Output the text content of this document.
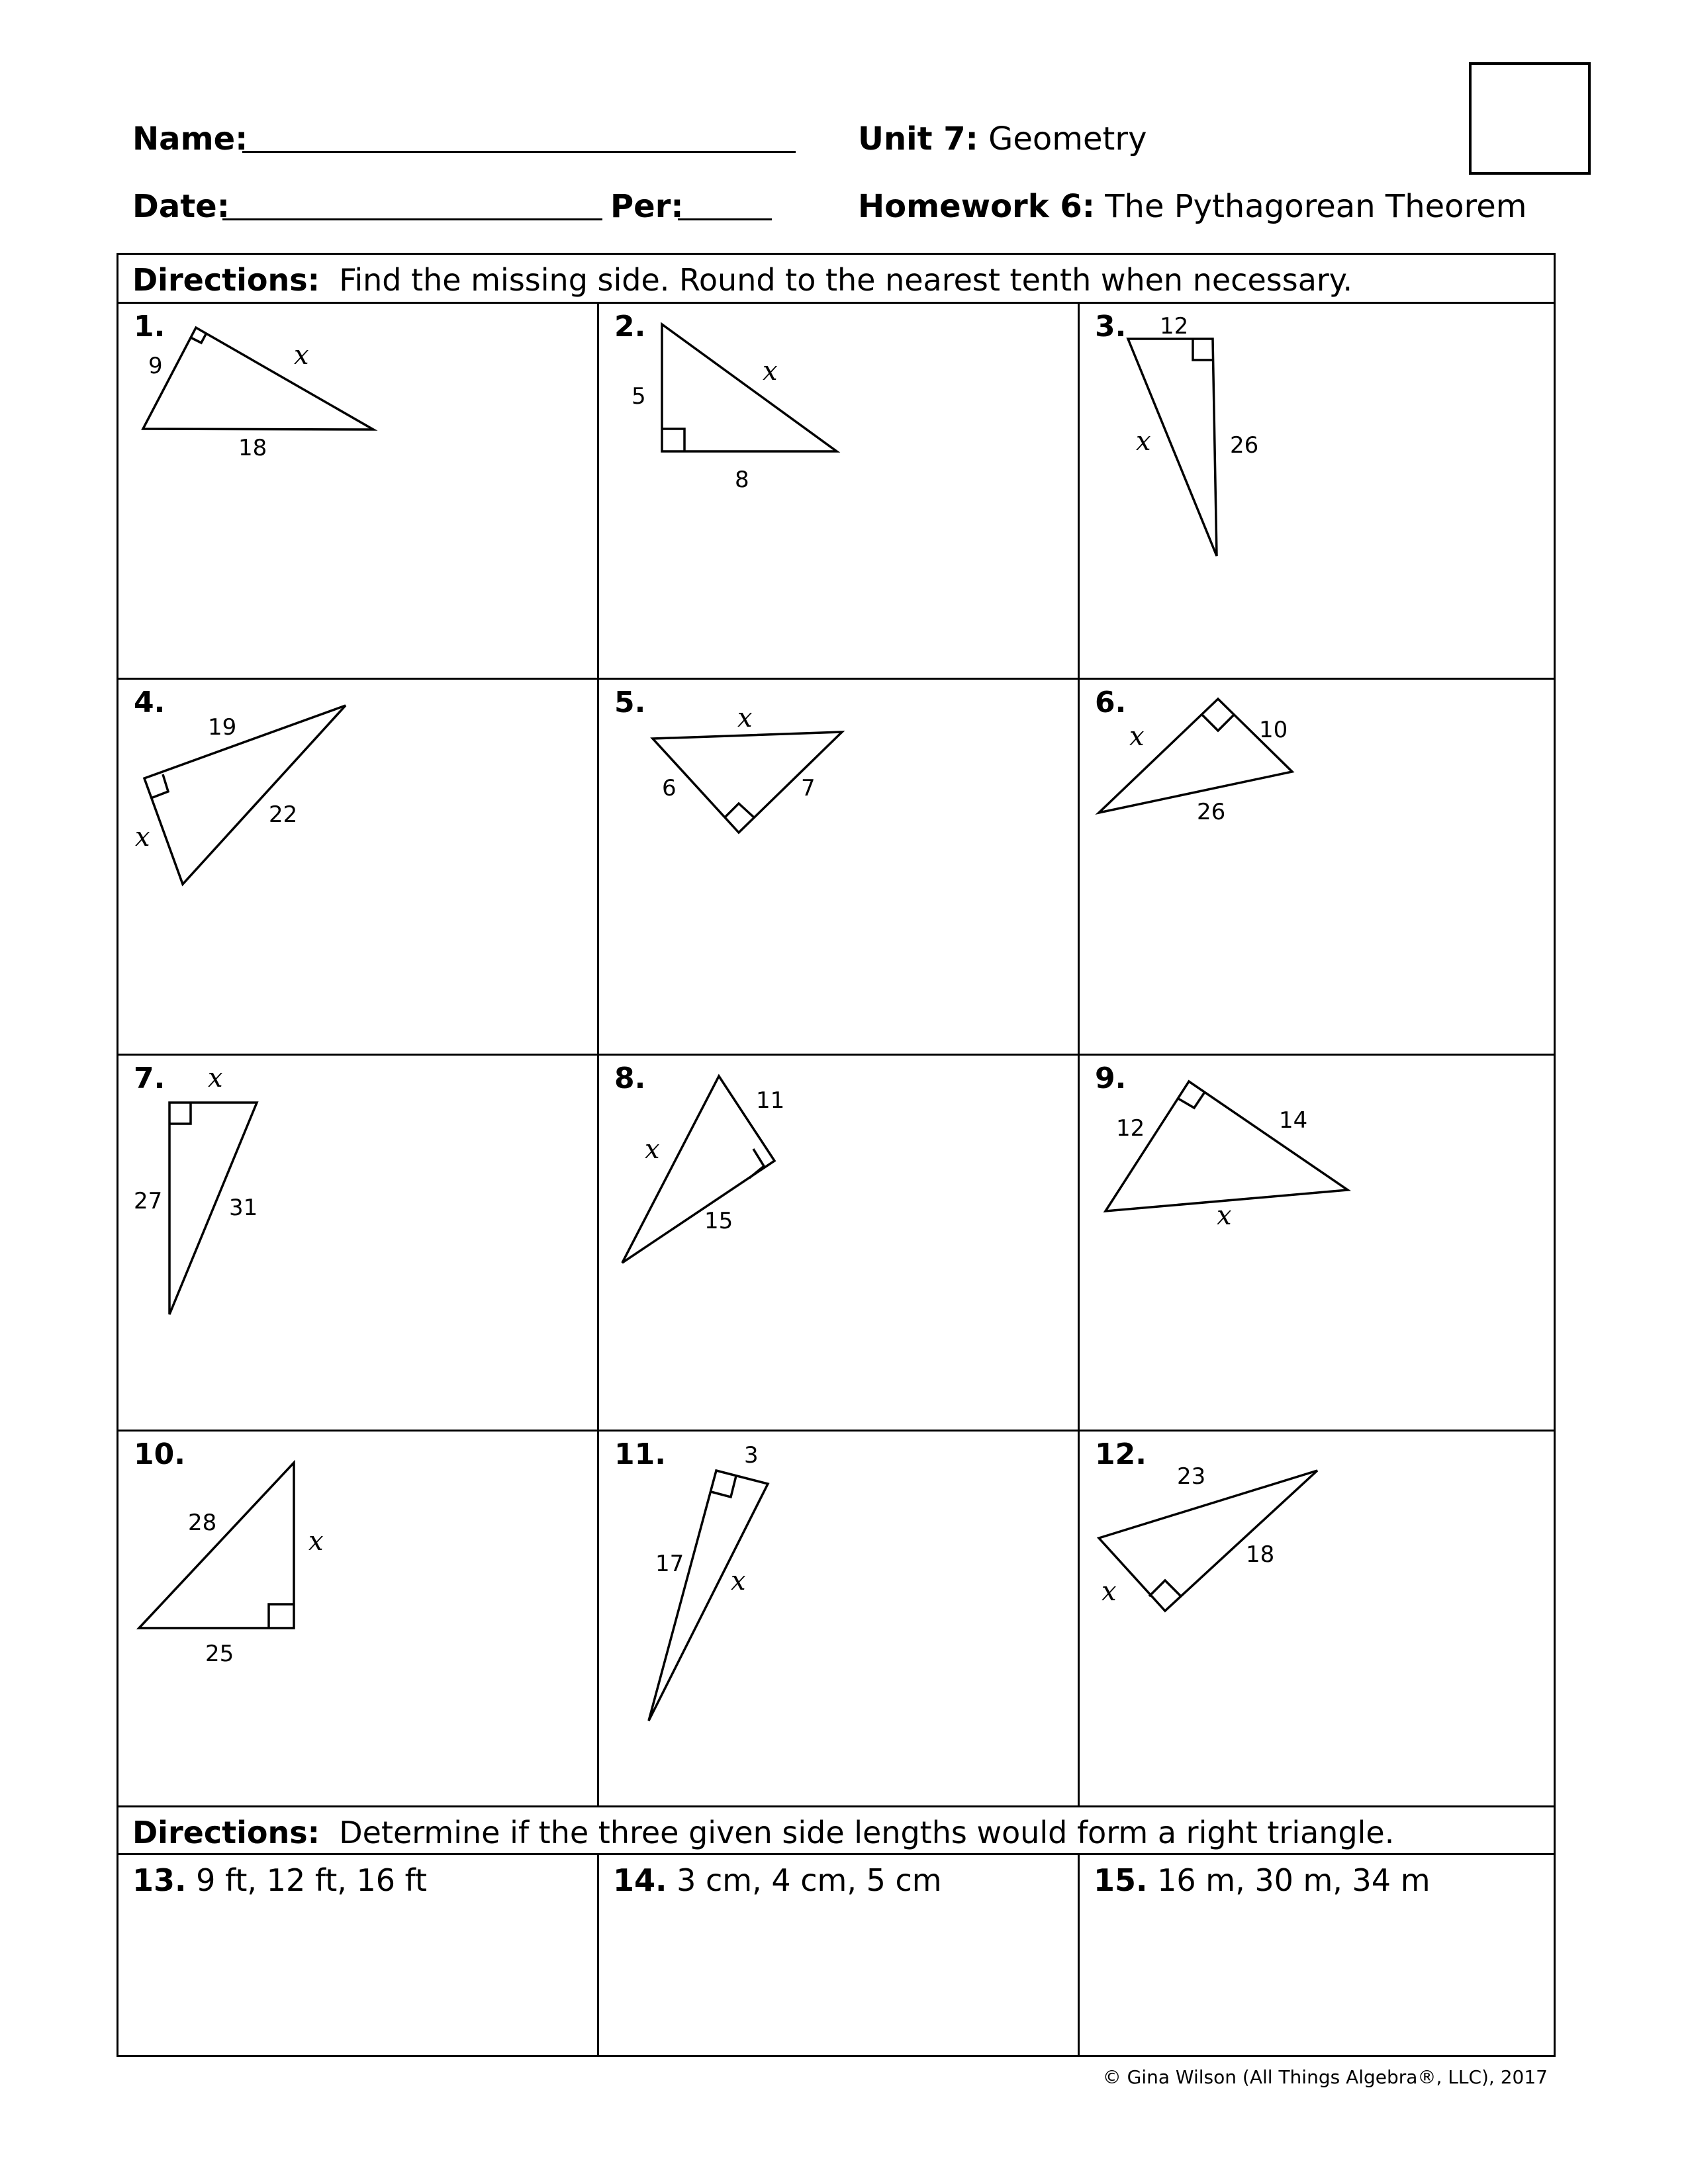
Name:
Date:	Per:
Unit 7: Geometry
Homework 6: The Pythagorean Theorem
Directions: Find the missing side. Round to the nearest tenth when necessary.
1.
9	x
18
2.
5
x
8
3. 12
x	26
4.
19
x
22
5.	x
6	7
6.
x	10
26
7. x
27	31
8.
11
x
15
9.
12	14
x
10.
28
x
25
11.	3
17
x
12.
23
18
x
Directions: Determine if the three given side lengths would form a right triangle.
13. 9 ft, 12 ft, 16 ft	14. 3 cm, 4 cm, 5 cm	15. 16 m, 30 m, 34 m
© Gina Wilson (All Things Algebra®, LLC), 2017
